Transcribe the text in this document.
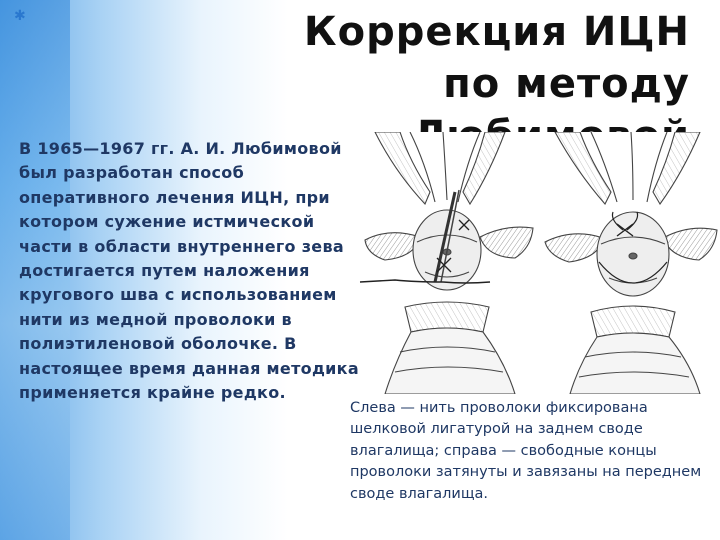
✱	Коррекция ИЦН
по методу

В 1965—1967 гг. А. И. Любимовой был разработан способ оперативного лечения ИЦН, при котором сужение истмической части в области внутреннего зева достигается путем наложения кругового шва с использованием нити из медной проволоки в полиэтиленовой оболочке. В настоящее время данная методика применяется крайне редко.

Слева — нить проволоки фиксирована шелковой лигатурой на заднем своде влагалища; справа — свободные концы проволоки затянуты и завязаны на переднем своде влагалища.
